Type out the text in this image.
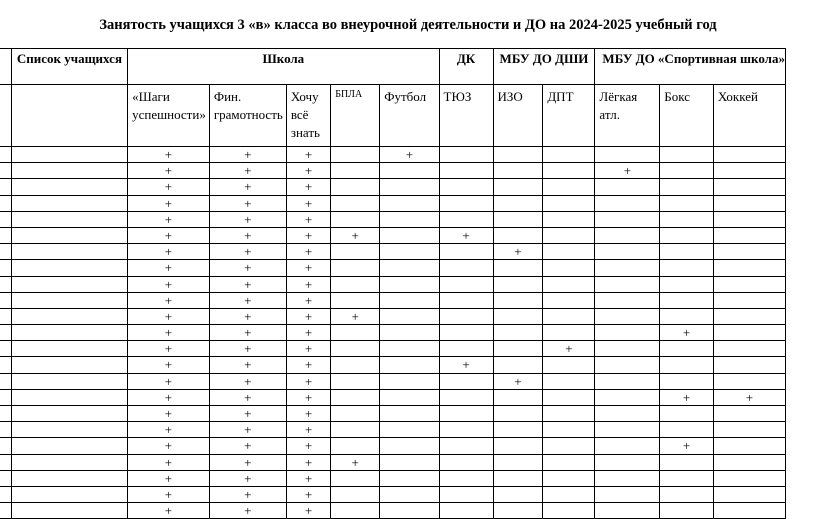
Занятость учащихся 3 «в» класса во внеурочной деятельности и ДО на 2024-2025 учебный год
	Список учащихся	Школа					ДК	МБУ ДО ДШИ		МБУ ДО «Спортивная школа»		
		«Шаги успешности»	Фин. грамотность	Хочу всё знать	БПЛА	Футбол	ТЮЗ	ИЗО	ДПТ	Лёгкая атл.	Бокс	Хоккей
		+	+	+		+						
		+	+	+						+		
		+	+	+								
		+	+	+								
		+	+	+								
		+	+	+	+		+					
		+	+	+				+				
		+	+	+								
		+	+	+								
		+	+	+								
		+	+	+	+							
		+	+	+							+	
		+	+	+					+			
		+	+	+			+					
		+	+	+				+				
		+	+	+							+	+
		+	+	+								
		+	+	+								
		+	+	+							+	
		+	+	+	+							
		+	+	+								
		+	+	+								
		+	+	+								
